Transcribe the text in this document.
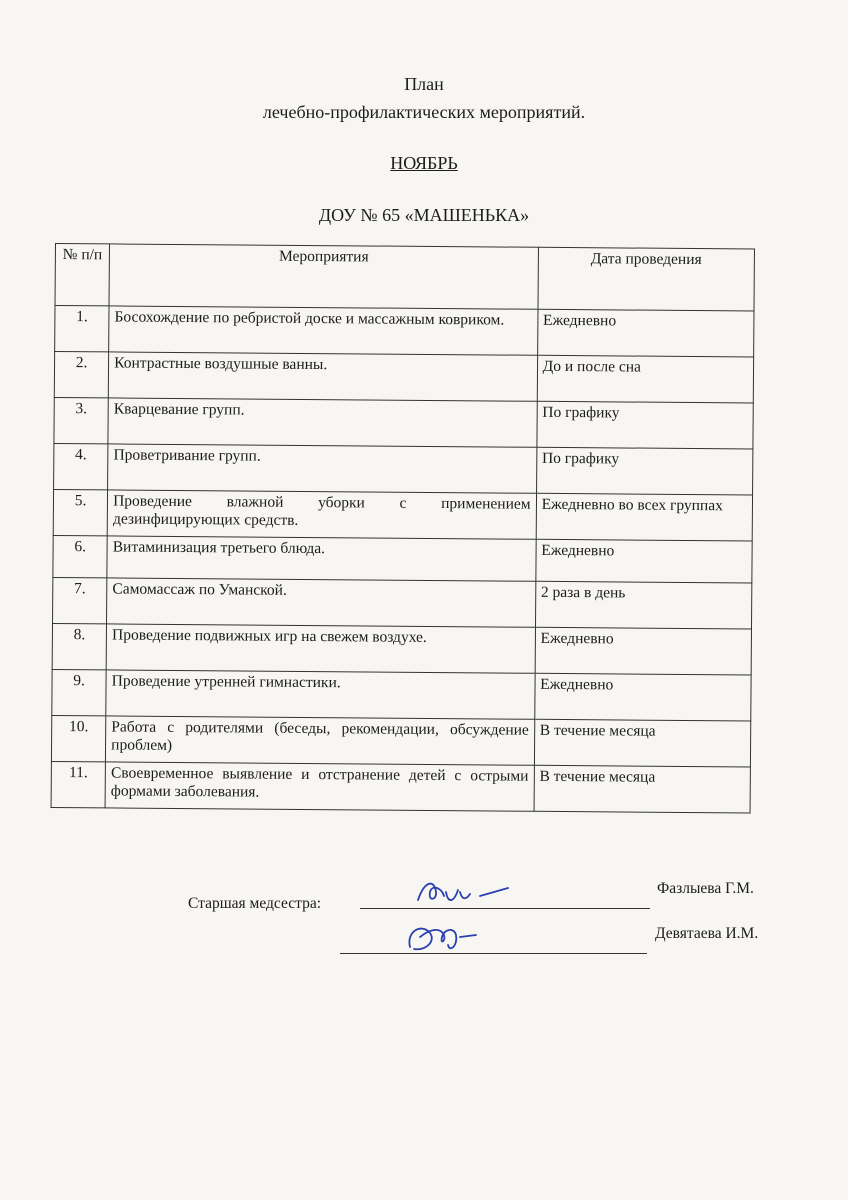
План
лечебно-профилактических мероприятий.
НОЯБРЬ
ДОУ № 65 «МАШЕНЬКА»
№ п/п	Мероприятия	Дата проведения
1.	Босохождение по ребристой доске и массажным ковриком.	Ежедневно
2.	Контрастные воздушные ванны.	До и после сна
3.	Кварцевание групп.	По графику
4.	Проветривание групп.	По графику
5.	Проведение влажной уборки с применением дезинфицирующих средств.	Ежедневно во всех группах
6.	Витаминизация третьего блюда.	Ежедневно
7.	Самомассаж по Уманской.	2 раза в день
8.	Проведение подвижных игр на свежем воздухе.	Ежедневно
9.	Проведение утренней гимнастики.	Ежедневно
10.	Работа с родителями (беседы, рекомендации, обсуждение проблем)	В течение месяца
11.	Своевременное выявление и отстранение детей с острыми формами заболевания.	В течение месяца
Старшая медсестра:
Фазлыева Г.М.
Девятаева И.М.
